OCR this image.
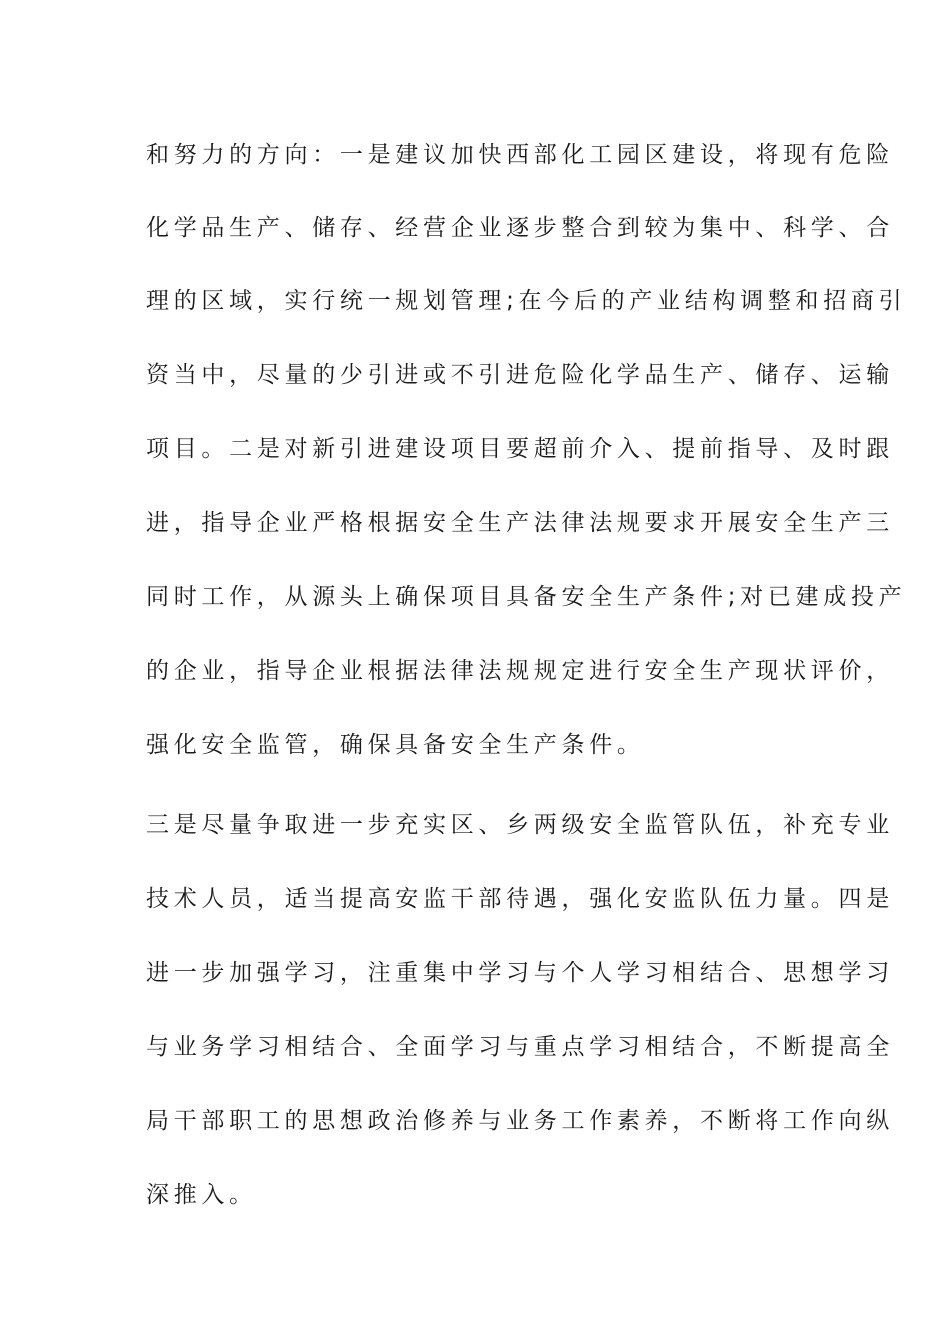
和努力的方向：一是建议加快西部化工园区建设，将现有危险
化学品生产、储存、经营企业逐步整合到较为集中、科学、合
理的区域，实行统一规划管理;在今后的产业结构调整和招商引
资当中，尽量的少引进或不引进危险化学品生产、储存、运输
项目。二是对新引进建设项目要超前介入、提前指导、及时跟
进，指导企业严格根据安全生产法律法规要求开展安全生产三
同时工作，从源头上确保项目具备安全生产条件;对已建成投产
的企业，指导企业根据法律法规规定进行安全生产现状评价，
强化安全监管，确保具备安全生产条件。
三是尽量争取进一步充实区、乡两级安全监管队伍，补充专业
技术人员，适当提高安监干部待遇，强化安监队伍力量。四是
进一步加强学习，注重集中学习与个人学习相结合、思想学习
与业务学习相结合、全面学习与重点学习相结合，不断提高全
局干部职工的思想政治修养与业务工作素养，不断将工作向纵
深推入。
